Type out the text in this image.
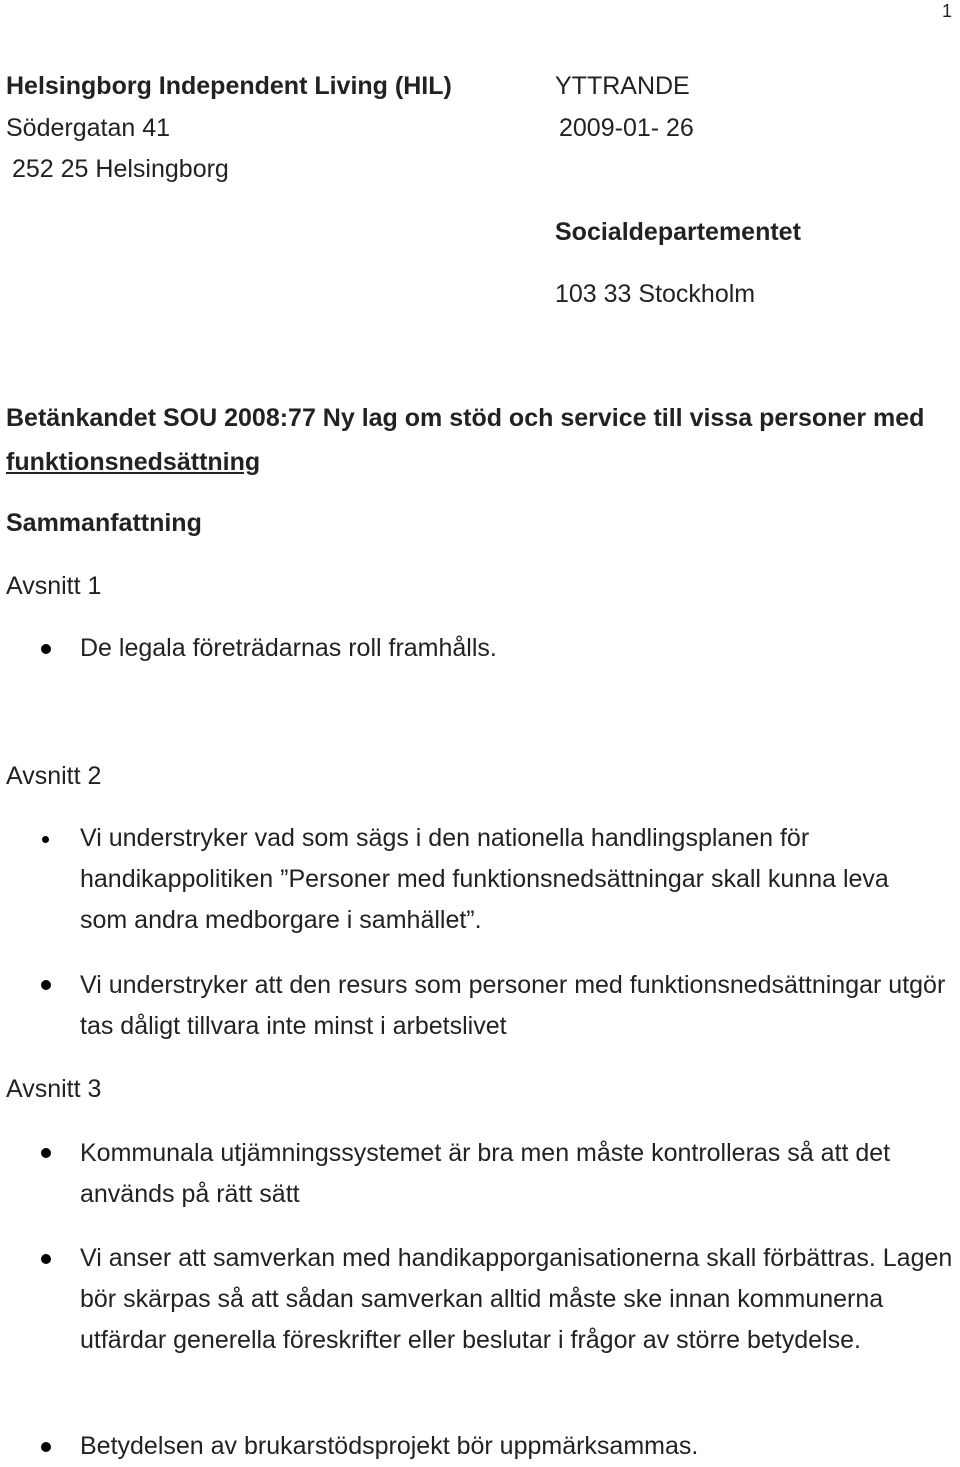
1
Helsingborg Independent Living (HIL)
Södergatan 41
252 25 Helsingborg
YTTRANDE
2009-01- 26
Socialdepartementet
103 33 Stockholm
Betänkandet SOU 2008:77 Ny lag om stöd och service till vissa personer med
funktionsnedsättning
Sammanfattning
Avsnitt 1
De legala företrädarnas roll framhålls.
Avsnitt 2
Vi understryker vad som sägs i den nationella handlingsplanen för handikappolitiken ”Personer med funktionsnedsättningar skall kunna leva som andra medborgare i samhället”.
Vi understryker att den resurs som personer med funktionsnedsättningar utgör tas dåligt tillvara inte minst i arbetslivet
Avsnitt 3
Kommunala utjämningssystemet är bra men måste kontrolleras så att det används på rätt sätt
Vi anser att samverkan med handikapporganisationerna skall förbättras. Lagen bör skärpas så att sådan samverkan alltid måste ske innan kommunerna utfärdar generella föreskrifter eller beslutar i frågor av större betydelse.
Betydelsen av brukarstödsprojekt bör uppmärksammas.
